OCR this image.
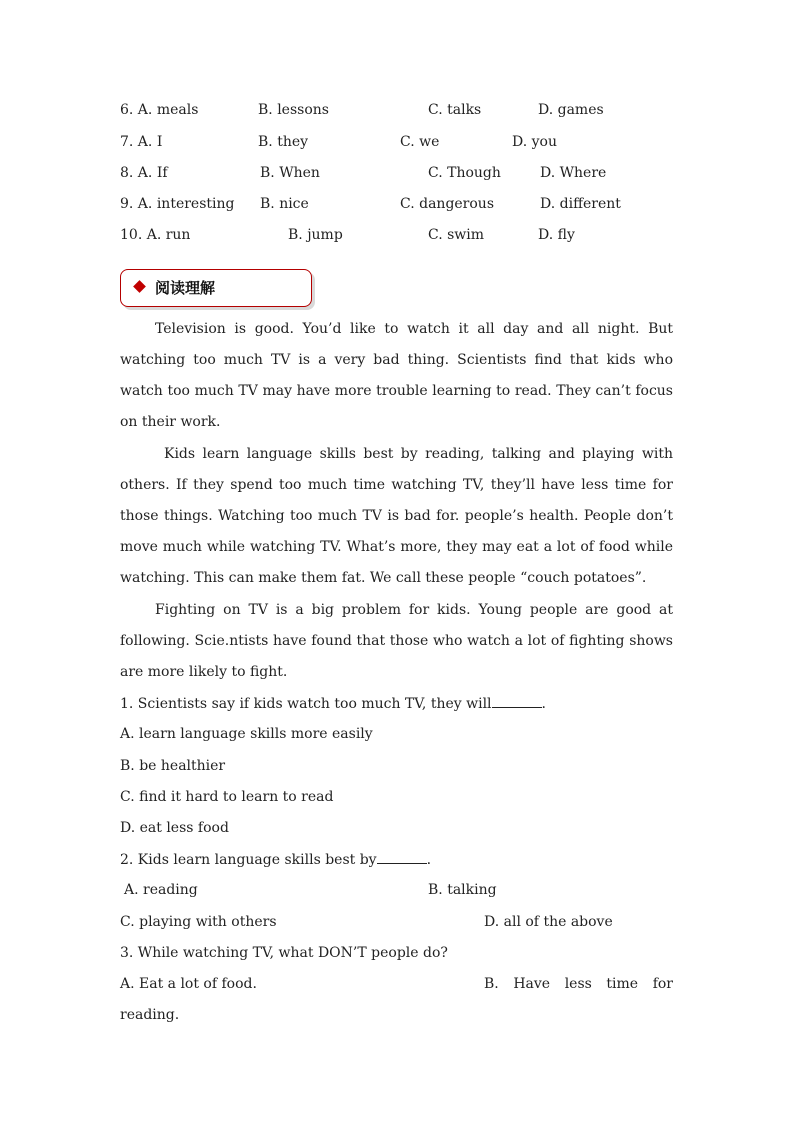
6. A. meals	B. lessons	C. talks	D. games
7. A. I	B. they	C. we	D. you
8. A. If	B. When	C. Though	D. Where
9. A. interesting B. nice	C. dangerous	D. different
10. A. run	B. jump	C. swim	D. fly
阅读理解
Television is good. You’d like to watch it all day and all night. But
watching too much TV is a very bad thing. Scientists find that kids who
watch too much TV may have more trouble learning to read. They can’t focus
on their work.
Kids learn language skills best by reading, talking and playing with
others. If they spend too much time watching TV, they’ll have less time for
those things. Watching too much TV is bad for. people’s health. People don’t
move much while watching TV. What’s more, they may eat a lot of food while
watching. This can make them fat. We call these people “couch potatoes”.
Fighting on TV is a big problem for kids. Young people are good at
following. Scie.ntists have found that those who watch a lot of fighting shows
are more likely to fight.
1. Scientists say if kids watch too much TV, they will	.
A. learn language skills more easily
B. be healthier
C. find it hard to learn to read
D. eat less food
2. Kids learn language skills best by	.
A. reading	B. talking
C. playing with others	D. all of the above
3. While watching TV, what DON’T people do?
A. Eat a lot of food.	B. Have less time for
reading.
